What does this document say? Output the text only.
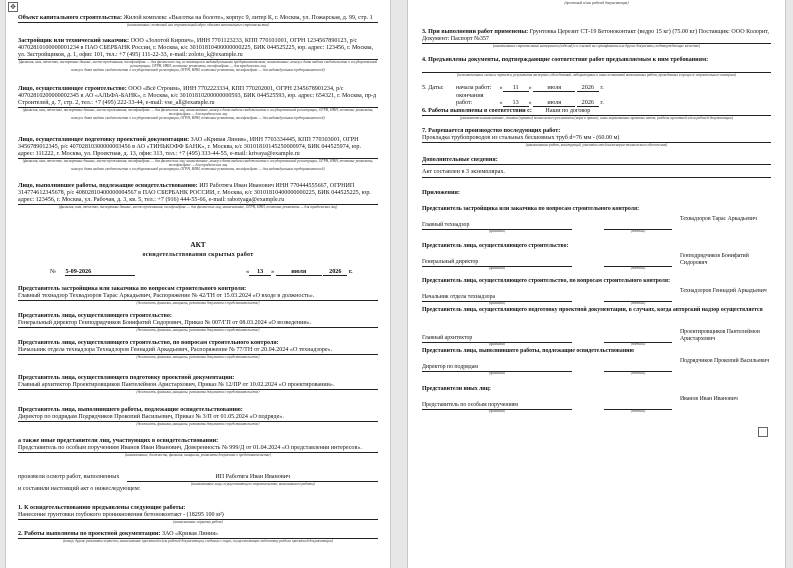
✥
Объект капитального строительства: Жилой комплекс «Высотка на болоте», корпус 9, литер К, г. Москва, ул. Пожарская, д. 99, стр. 1
(наименование, почтовый или строительный адрес объекта капитального строительства)
Застройщик или технический заказчик: ООО «Золотой Кирпич», ИНН 7701123233, КПП 770101001, ОГРН 1234567890123, р/с 40702810100000001234 в ПАО СБЕРБАНК России, г. Москва, к/с 30101810400000000225, БИК 044525225, юр. адрес: 123456, г. Москва, ул. Застройщиков, д. 1, офис 101, тел.: +7 (495) 111-22-33, e-mail: zoloto_k@example.ru
(фамилия, имя, отчество, паспортные данные, место проживания, телефон/факс — для физических лиц, не являющихся индивидуальными предпринимателями; наименование, номер и дата выдачи свидетельства о государственной регистрации, ОГРН, ИНН, почтовые реквизиты, телефон/факс — для юридических лиц
номер и дата выдачи свидетельства о государственной регистрации, ОГРН, ИНН, почтовые реквизиты, телефон/факс — для индивидуальных предпринимателей)
Лицо, осуществляющее строительство: ООО «Всё Строим», ИНН 7702223334, КПП 770202001, ОГРН 2345678901234, р/с 40702810200000002345 в АО «АЛЬФА-БАНК», г. Москва, к/с 30101810200000000593, БИК 044525593, юр. адрес: 654321, г. Москва, пр-д Строителей, д. 7, стр. 2, тел.: +7 (495) 222-33-44, e-mail: vse_all@example.ru
(фамилия, имя, отчество, паспортные данные, место проживания, телефон/факс — для физических лиц; наименование, номер и дата выдачи свидетельства о государственной регистрации, ОГРН, ИНН, почтовые реквизиты, телефон/факс — для юридических лиц
номер и дата выдачи свидетельства о государственной регистрации, ОГРН, ИНН, почтовые реквизиты, телефон/факс — для индивидуальных предпринимателей)
Лицо, осуществляющее подготовку проектной документации: ЗАО «Кривая Линия», ИНН 7703334445, КПП 770303001, ОГРН 3456789012345, р/с 40702810300000003456 в АО «ТИНЬКОФФ БАНК», г. Москва, к/с 30101810145250000974, БИК 044525974, юр. адрес: 111222, г. Москва, ул. Проектная, д. 13, офис 313, тел.: +7 (495) 333-44-55, e-mail: krivaya@example.ru
(фамилия, имя, отчество, паспортные данные, место проживания, телефон/факс — для физических лиц; наименование, номер и дата выдачи свидетельства о государственной регистрации, ОГРН, ИНН, почтовые реквизиты, телефон/факс — для юридических лиц
номер и дата выдачи свидетельства о государственной регистрации, ОГРН, ИНН, почтовые реквизиты, телефон/факс — для индивидуальных предпринимателей)
Лицо, выполнившее работы, подлежащие освидетельствованию: ИП Работяга Иван Иванович ИНН 770444555667, ОГРНИП 314774612345678, р/с 40802810400000004567 в ПАО СБЕРБАНК РОССИИ, г. Москва, к/с 30101810400000000225, БИК 044525225, юр. адрес: 123456, г. Москва, ул. Рабочая, д. 3, кв. 5, тел.: +7 (916) 444-55-66, e-mail: rabotyaga@example.ru
(фамилия, имя, отчество, паспортные данные, место проживания, телефон/факс — для физических лиц; наименование, ОГРН, ИНН, почтовые реквизиты — для юридических лиц)
АКТ
освидетельствования скрытых работ
№ 5-09-2026	« 13 »	июля	2026 г.
Представитель застройщика или заказчика по вопросам строительного контроля:
Главный технадзор Техвадзоров Тарас Аркадьевич, Распоряжение № 42/ТН от 15.03.2024 «О входе в должность».
(должность, фамилия, инициалы, реквизиты документа о представительстве)
Представитель лица, осуществляющего строительство:
Генеральный директор Генподрядчиков Бонифатий Сидорович, Приказ № 007/ГП от 08.03.2024 «О возведении».
(должность, фамилия, инициалы, реквизиты документа о представительстве)
Представитель лица, осуществляющего строительство, по вопросам строительного контроля:
Начальник отдела технадзора Технадзоров Геннадий Аркадьевич, Распоряжение № 77/ТН от 20.04.2024 «О технадзоре».
(должность, фамилия, инициалы, реквизиты документа о представительстве)
Представитель лица, осуществляющего подготовку проектной документации:
Главный архитектор Проектировщиков Пантелеймон Аристархович, Приказ № 12/ПР от 10.02.2024 «О проектировании».
(должность, фамилия, инициалы, реквизиты документа о представительстве)
Представитель лица, выполнившего работы, подлежащие освидетельствованию:
Директор по подрядам Подрядчиков Прокопий Васильевич, Приказ № 3/П от 01.05.2024 «О подряде».
(должность, фамилия, инициалы, реквизиты документа о представительстве)
а также иные представители лиц, участвующих в освидетельствовании:
Представитель по особым поручениям Иванов Иван Иванович, Доверенность № 999/Д от 01.04.2024 «О представлении интересов».
(наименование, должность, фамилия, инициалы, реквизиты документа о представительстве)
произвели осмотр работ, выполненных	ИП Работяга Иван Иванович
(наименование лица, осуществляющего строительство, выполнившего работы)
и составили настоящий акт о нижеследующем:
1. К освидетельствованию предъявлены следующие работы:
Нанесение грунтовки глубокого проникновения бетоноконтакт - (18295 100 м²)
(наименование скрытых работ)
2. Работы выполнены по проектной документации: ЗАО «Кривая Линия»
(номер, другие реквизиты чертежа, наименование проектной и/или рабочей документации, сведения о лицах, осуществляющих подготовку раздела проектной документации)
(проектной и/или рабочей документации)
3. При выполнении работ применены: Грунтовка Церезит СТ-19 Бетоноконтакт (ведро 15 кг) (75.00 кг) Поставщик: ООО Колорит, Документ: Паспорт №357
(наименование строительных материалов (изделий) со ссылкой на сертификаты или другие документы, подтверждающие качество)
4. Предъявлены документы, подтверждающие соответствие работ предъявляемым к ним требованиям:
(исполнительные схемы и чертежи, результаты экспертиз, обследований, лабораторных и иных испытаний выполненных работ, проведенных в процессе строительного контроля)
5. Даты: начала работ: « 11 » июля	2026 г.
окончания работ:	« 13 » июля	2026 г.
6. Работы выполнены в соответствии с: Наши по договор
(указываются наименование, статьи (пункты) технического регламента (норм и правил), иных нормативных правовых актов, разделы проектной и/или рабочей документации)
7. Разрешается производство последующих работ:
Прокладка трубопроводов из стальных бесшовных труб d=76 мм - (60.00 м)
(наименование работ, конструкций, участков сетей инженерно-технического обеспечения)
Дополнительные сведения:
Акт составлен в 3 экземплярах.
Приложения:
Представитель застройщика или заказчика по вопросам строительного контроля:
Главный технадзор
(фамилия)	(подпись)
Техвадзоров Тарас Аркадьевич
Представитель лица, осуществляющего строительство:
Генеральный директор
(фамилия)	(подпись)
Генподрядчиков Бонифатий Сидорович
Представитель лица, осуществляющего строительство, по вопросам строительного контроля:
Начальник отдела технадзора
(фамилия)	(подпись)
Технадзоров Геннадий Аркадьевич
Представитель лица, осуществляющего подготовку проектной документации, в случаях, когда авторский надзор осуществляется
Главный архитектор
(фамилия)	(подпись)
Проектировщиков Пантелеймон Аристархович
Представитель лица, выполнившего работы, подлежащие освидетельствованию
Директор по подрядам
(фамилия)	(подпись)
Подрядчиков Прокопий Васильевич
Представители иных лиц:
Представитель по особым поручениям
(фамилия)	(подпись)
Иванов Иван Иванович
